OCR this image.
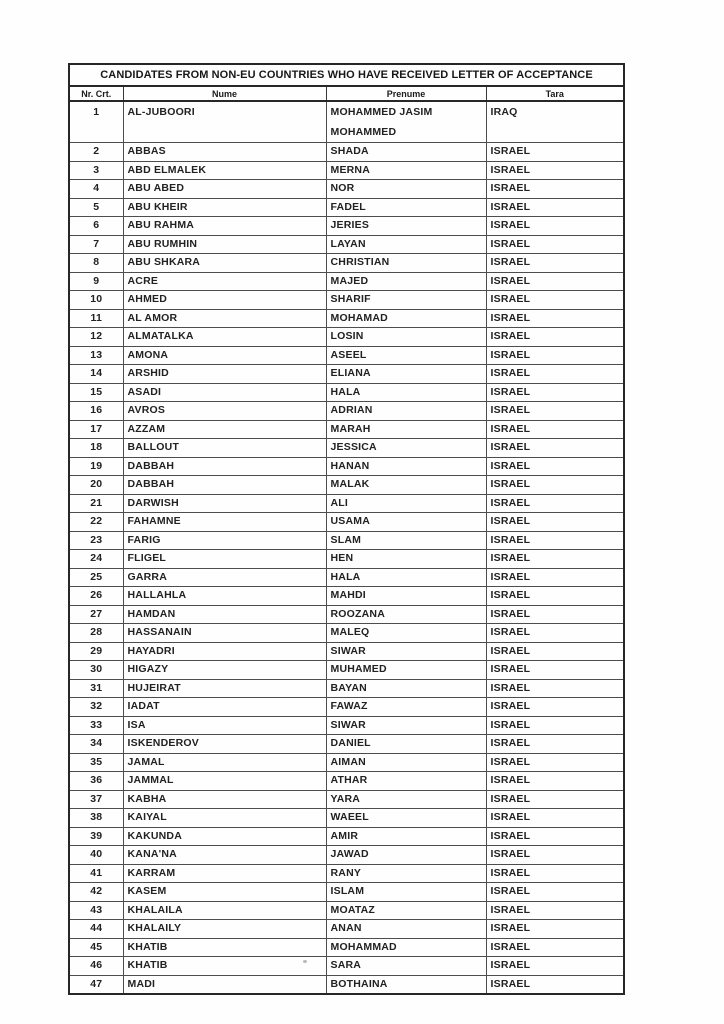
CANDIDATES FROM NON-EU COUNTRIES WHO HAVE RECEIVED LETTER OF ACCEPTANCE			
Nr. Crt.	Nume	Prenume	Tara
1	AL-JUBOORI	MOHAMMED JASIM MOHAMMED	IRAQ
2	ABBAS	SHADA	ISRAEL
3	ABD ELMALEK	MERNA	ISRAEL
4	ABU ABED	NOR	ISRAEL
5	ABU KHEIR	FADEL	ISRAEL
6	ABU RAHMA	JERIES	ISRAEL
7	ABU RUMHIN	LAYAN	ISRAEL
8	ABU SHKARA	CHRISTIAN	ISRAEL
9	ACRE	MAJED	ISRAEL
10	AHMED	SHARIF	ISRAEL
11	AL AMOR	MOHAMAD	ISRAEL
12	ALMATALKA	LOSIN	ISRAEL
13	AMONA	ASEEL	ISRAEL
14	ARSHID	ELIANA	ISRAEL
15	ASADI	HALA	ISRAEL
16	AVROS	ADRIAN	ISRAEL
17	AZZAM	MARAH	ISRAEL
18	BALLOUT	JESSICA	ISRAEL
19	DABBAH	HANAN	ISRAEL
20	DABBAH	MALAK	ISRAEL
21	DARWISH	ALI	ISRAEL
22	FAHAMNE	USAMA	ISRAEL
23	FARIG	SLAM	ISRAEL
24	FLIGEL	HEN	ISRAEL
25	GARRA	HALA	ISRAEL
26	HALLAHLA	MAHDI	ISRAEL
27	HAMDAN	ROOZANA	ISRAEL
28	HASSANAIN	MALEQ	ISRAEL
29	HAYADRI	SIWAR	ISRAEL
30	HIGAZY	MUHAMED	ISRAEL
31	HUJEIRAT	BAYAN	ISRAEL
32	IADAT	FAWAZ	ISRAEL
33	ISA	SIWAR	ISRAEL
34	ISKENDEROV	DANIEL	ISRAEL
35	JAMAL	AIMAN	ISRAEL
36	JAMMAL	ATHAR	ISRAEL
37	KABHA	YARA	ISRAEL
38	KAIYAL	WAEEL	ISRAEL
39	KAKUNDA	AMIR	ISRAEL
40	KANA'NA	JAWAD	ISRAEL
41	KARRAM	RANY	ISRAEL
42	KASEM	ISLAM	ISRAEL
43	KHALAILA	MOATAZ	ISRAEL
44	KHALAILY	ANAN	ISRAEL
45	KHATIB	MOHAMMAD	ISRAEL
46	KHATIB	SARA	ISRAEL
47	MADI	BOTHAINA	ISRAEL
